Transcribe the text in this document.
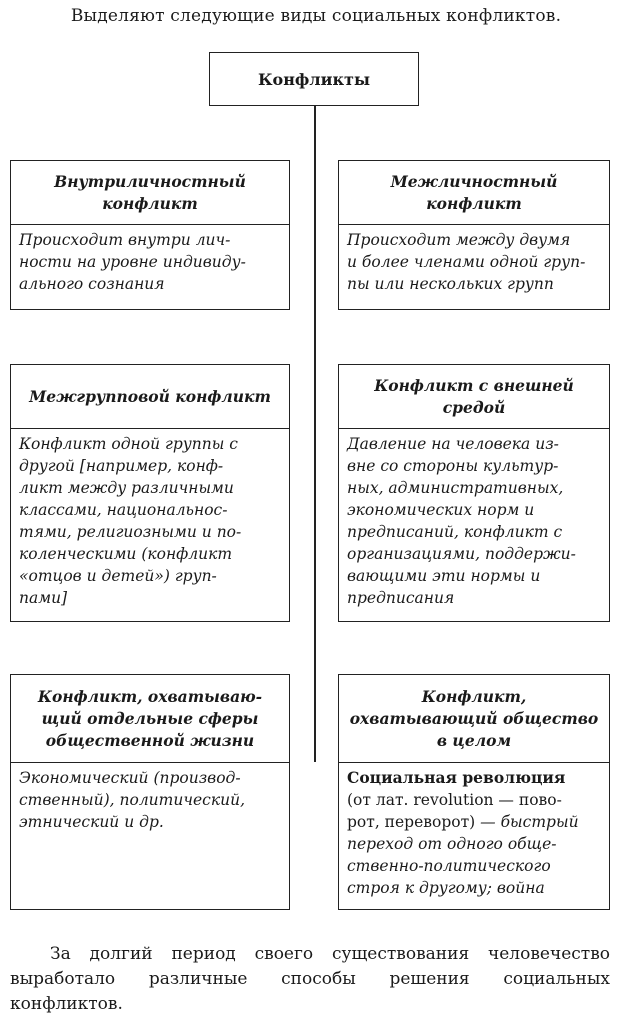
Выделяют следующие виды социальных конфликтов.
Конфликты
Внутриличностный конфликт
Происходит внутри лич-
ности на уровне индивиду-
ального сознания
Межличностный конфликт
Происходит между двумя
и более членами одной груп-
пы или нескольких групп
Межгрупповой конфликт
Конфликт одной группы с
другой [например, конф-
ликт между различными
классами, национальнос-
тями, религиозными и по-
коленческими (конфликт
«отцов и детей») груп-
пами]
Конфликт с внешней средой
Давление на человека из-
вне со стороны культур-
ных, административных,
экономических норм и
предписаний, конфликт с
организациями, поддержи-
вающими эти нормы и
предписания
Конфликт, охватываю-щий отдельные сферы общественной жизни
Экономический (производ-
ственный), политический,
этнический и др.
Конфликт, охватывающий общество в целом
Социальная революция
(от лат. revolution — пово-
рот, переворот) — быстрый
переход от одного обще-
ственно-политического
строя к другому; война
За долгий период своего существования человечество выработало различные способы решения социальных конфликтов.
